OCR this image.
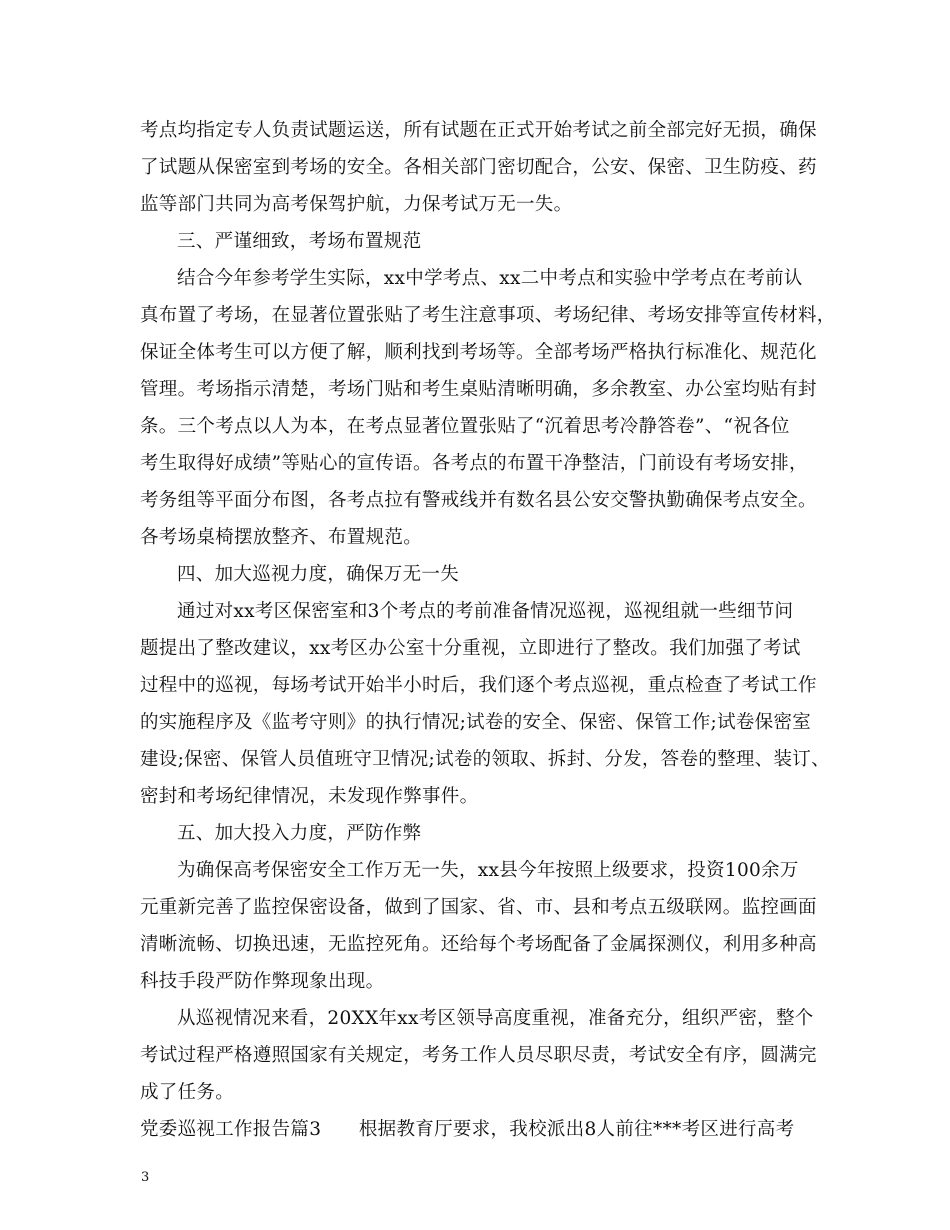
考点均指定专人负责试题运送，所有试题在正式开始考试之前全部完好无损，确保
了试题从保密室到考场的安全。各相关部门密切配合，公安、保密、卫生防疫、药
监等部门共同为高考保驾护航，力保考试万无一失。
三、严谨细致，考场布置规范
结合今年参考学生实际，xx中学考点、xx二中考点和实验中学考点在考前认
真布置了考场，在显著位置张贴了考生注意事项、考场纪律、考场安排等宣传材料，
保证全体考生可以方便了解，顺利找到考场等。全部考场严格执行标准化、规范化
管理。考场指示清楚，考场门贴和考生桌贴清晰明确，多余教室、办公室均贴有封
条。三个考点以人为本，在考点显著位置张贴了“沉着思考冷静答卷”、“祝各位
考生取得好成绩”等贴心的宣传语。各考点的布置干净整洁，门前设有考场安排，
考务组等平面分布图，各考点拉有警戒线并有数名县公安交警执勤确保考点安全。
各考场桌椅摆放整齐、布置规范。
四、加大巡视力度，确保万无一失
通过对xx考区保密室和3个考点的考前准备情况巡视，巡视组就一些细节问
题提出了整改建议，xx考区办公室十分重视，立即进行了整改。我们加强了考试
过程中的巡视，每场考试开始半小时后，我们逐个考点巡视，重点检查了考试工作
的实施程序及《监考守则》的执行情况;试卷的安全、保密、保管工作;试卷保密室
建设;保密、保管人员值班守卫情况;试卷的领取、拆封、分发，答卷的整理、装订、
密封和考场纪律情况，未发现作弊事件。
五、加大投入力度，严防作弊
为确保高考保密安全工作万无一失，xx县今年按照上级要求，投资100余万
元重新完善了监控保密设备，做到了国家、省、市、县和考点五级联网。监控画面
清晰流畅、切换迅速，无监控死角。还给每个考场配备了金属探测仪，利用多种高
科技手段严防作弊现象出现。
从巡视情况来看，20XX年xx考区领导高度重视，准备充分，组织严密，整个
考试过程严格遵照国家有关规定，考务工作人员尽职尽责，考试安全有序，圆满完
成了任务。
党委巡视工作报告篇3　　根据教育厅要求，我校派出8人前往***考区进行高考
3
